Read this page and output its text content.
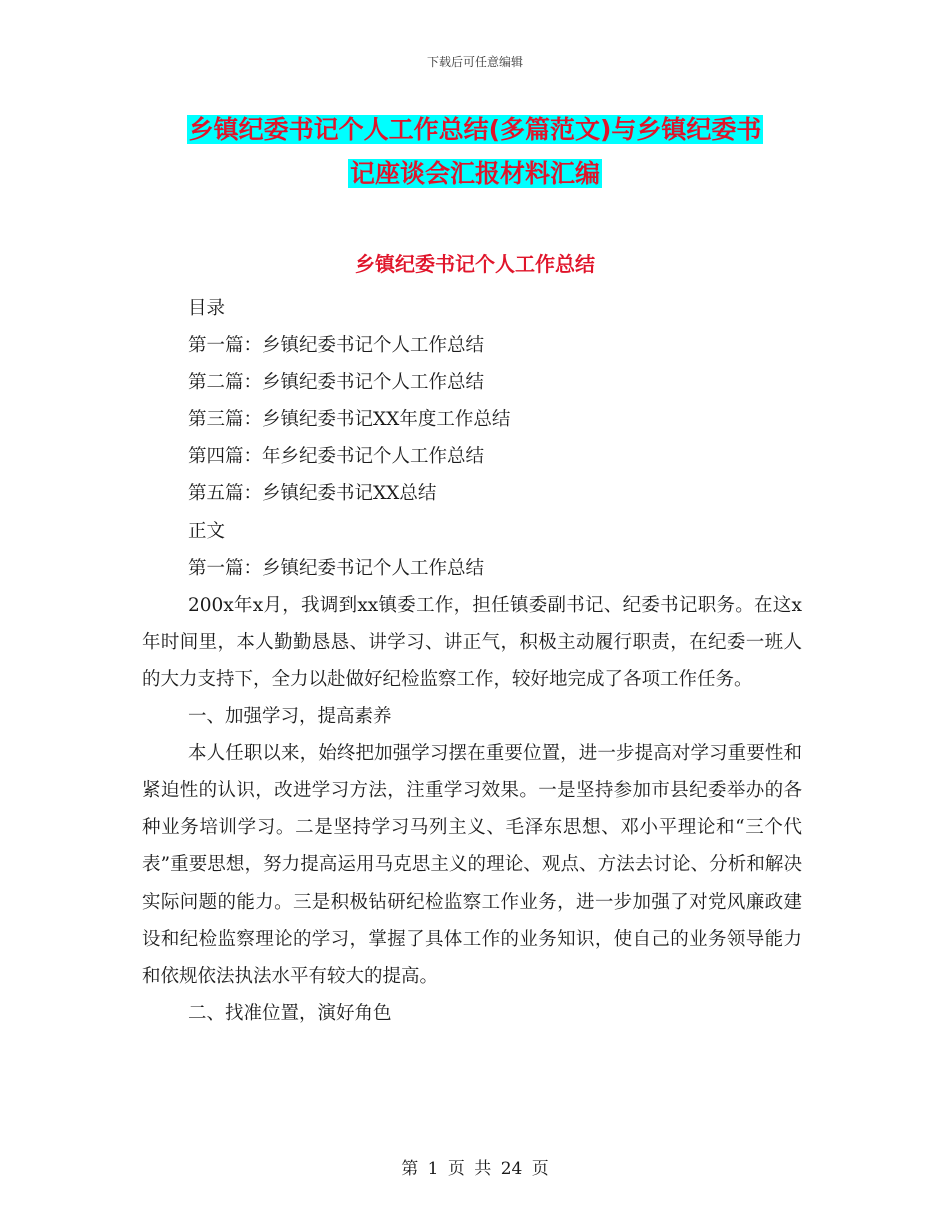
下载后可任意编辑
乡镇纪委书记个人工作总结(多篇范文)与乡镇纪委书
记座谈会汇报材料汇编
乡镇纪委书记个人工作总结
目录
第一篇：乡镇纪委书记个人工作总结
第二篇：乡镇纪委书记个人工作总结
第三篇：乡镇纪委书记XX年度工作总结
第四篇：年乡纪委书记个人工作总结
第五篇：乡镇纪委书记XX总结
正文
第一篇：乡镇纪委书记个人工作总结

200x年x月，我调到xx镇委工作，担任镇委副书记、纪委书记职务。在这x年时间里，本人勤勤恳恳、讲学习、讲正气，积极主动履行职责，在纪委一班人的大力支持下，全力以赴做好纪检监察工作，较好地完成了各项工作任务。

一、加强学习，提高素养

本人任职以来，始终把加强学习摆在重要位置，进一步提高对学习重要性和紧迫性的认识，改进学习方法，注重学习效果。一是坚持参加市县纪委举办的各种业务培训学习。二是坚持学习马列主义、毛泽东思想、邓小平理论和“三个代表”重要思想，努力提高运用马克思主义的理论、观点、方法去讨论、分析和解决实际问题的能力。三是积极钻研纪检监察工作业务，进一步加强了对党风廉政建设和纪检监察理论的学习，掌握了具体工作的业务知识，使自己的业务领导能力和依规依法执法水平有较大的提高。

二、找准位置，演好角色
第 1 页 共 24 页
